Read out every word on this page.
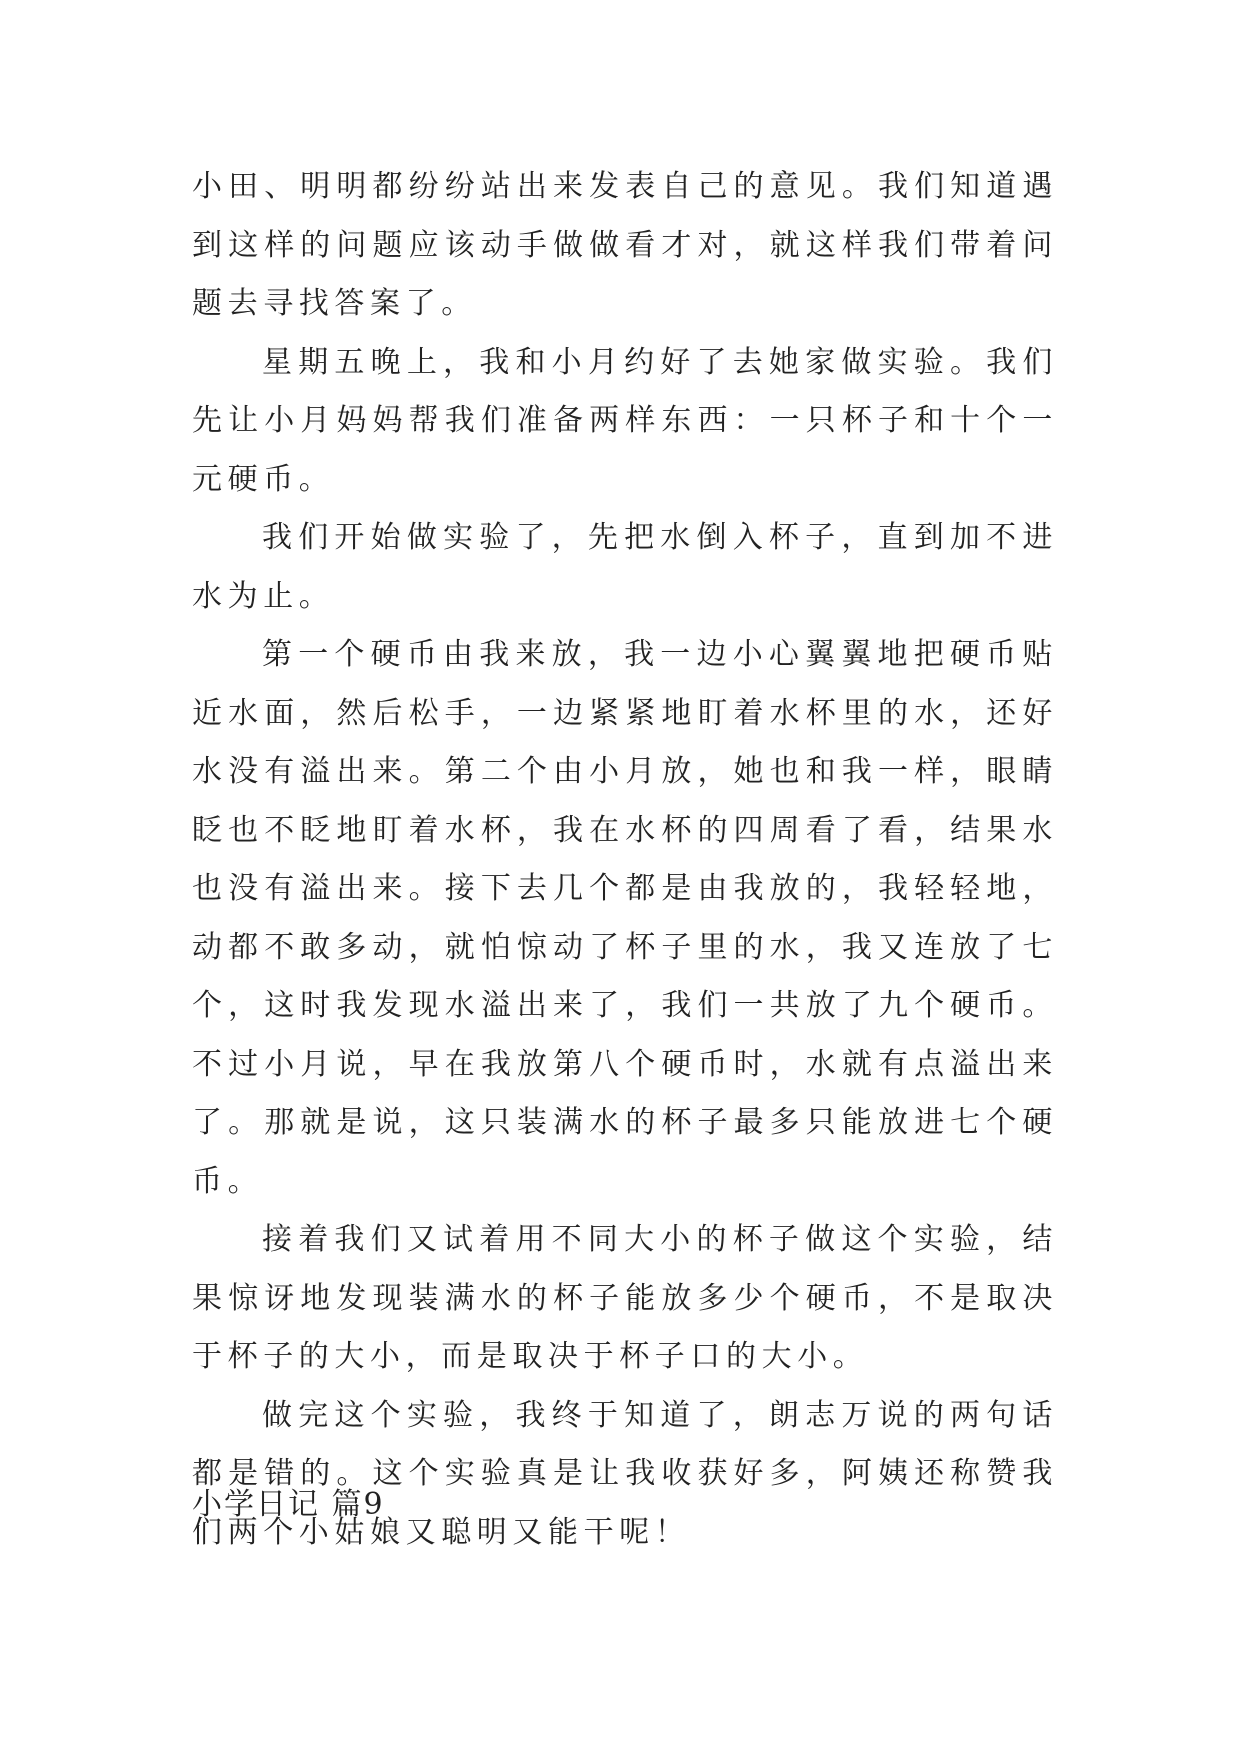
小田、明明都纷纷站出来发表自己的意见。我们知道遇到这样的问题应该动手做做看才对，就这样我们带着问题去寻找答案了。

星期五晚上，我和小月约好了去她家做实验。我们先让小月妈妈帮我们准备两样东西：一只杯子和十个一元硬币。

我们开始做实验了，先把水倒入杯子，直到加不进水为止。

第一个硬币由我来放，我一边小心翼翼地把硬币贴近水面，然后松手，一边紧紧地盯着水杯里的水，还好水没有溢出来。第二个由小月放，她也和我一样，眼睛眨也不眨地盯着水杯，我在水杯的四周看了看，结果水也没有溢出来。接下去几个都是由我放的，我轻轻地，动都不敢多动，就怕惊动了杯子里的水，我又连放了七个，这时我发现水溢出来了，我们一共放了九个硬币。不过小月说，早在我放第八个硬币时，水就有点溢出来了。那就是说，这只装满水的杯子最多只能放进七个硬币。

接着我们又试着用不同大小的杯子做这个实验，结果惊讶地发现装满水的杯子能放多少个硬币，不是取决于杯子的大小，而是取决于杯子口的大小。

做完这个实验，我终于知道了，朗志万说的两句话都是错的。这个实验真是让我收获好多，阿姨还称赞我们两个小姑娘又聪明又能干呢！

小学日记 篇9
